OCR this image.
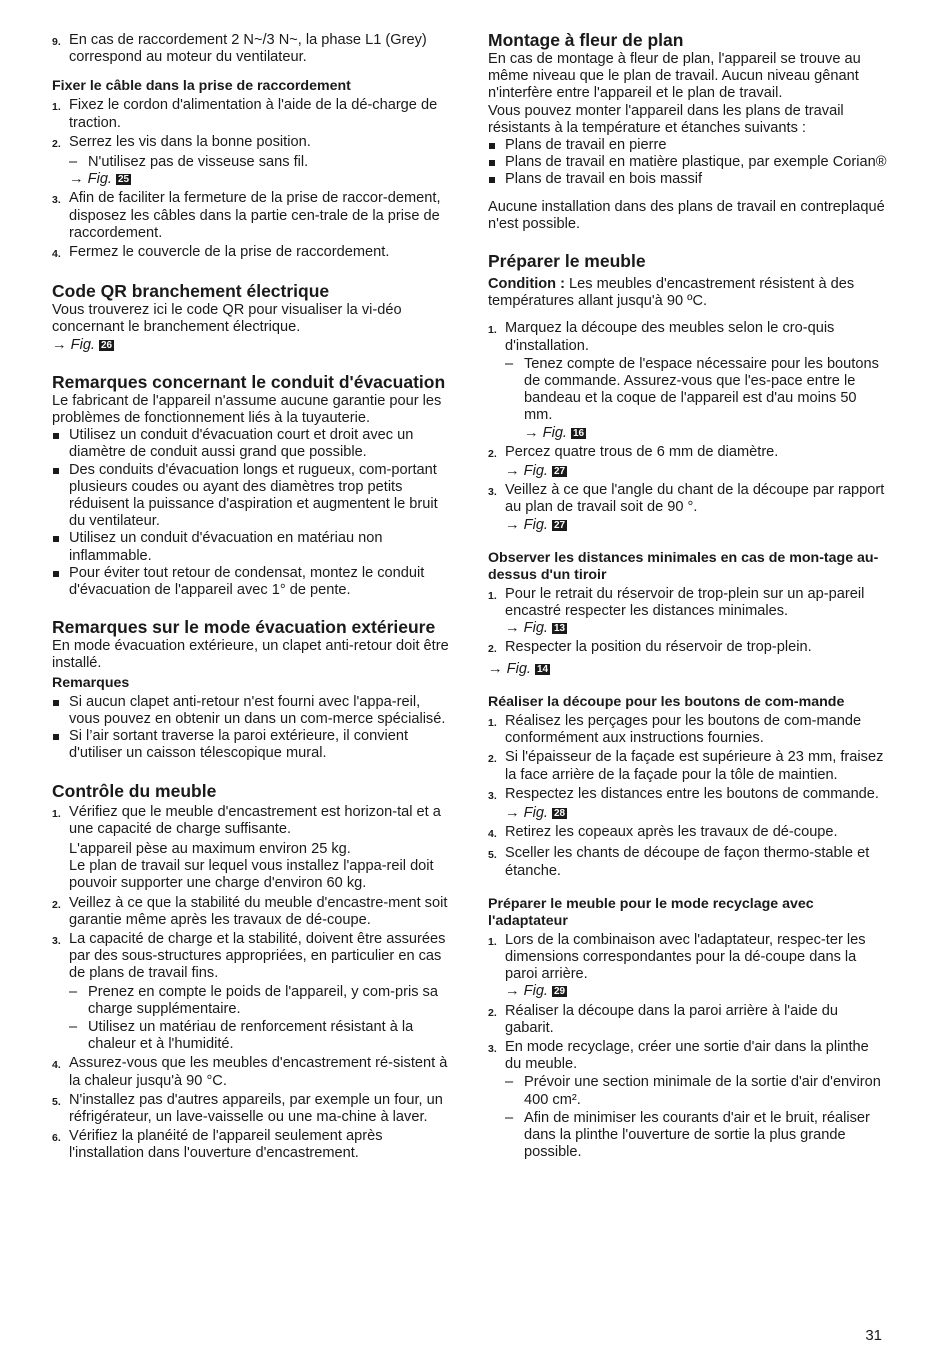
9. En cas de raccordement 2 N~/3 N~, la phase L1 (Grey) correspond au moteur du ventilateur.
Fixer le câble dans la prise de raccordement
1. Fixez le cordon d'alimentation à l'aide de la dé-charge de traction.
2. Serrez les vis dans la bonne position.
– N'utilisez pas de visseuse sans fil.
→ Fig. 25
3. Afin de faciliter la fermeture de la prise de raccor-dement, disposez les câbles dans la partie cen-trale de la prise de raccordement.
4. Fermez le couvercle de la prise de raccordement.
Code QR branchement électrique

Vous trouverez ici le code QR pour visualiser la vi-déo concernant le branchement électrique.

→ Fig. 26
Remarques concernant le conduit d'évacuation

Le fabricant de l'appareil n'assume aucune garantie pour les problèmes de fonctionnement liés à la tuyauterie.

Utilisez un conduit d'évacuation court et droit avec un diamètre de conduit aussi grand que possible.
Des conduits d'évacuation longs et rugueux, com-portant plusieurs coudes ou ayant des diamètres trop petits réduisent la puissance d'aspiration et augmentent le bruit du ventilateur.
Utilisez un conduit d'évacuation en matériau non inflammable.
Pour éviter tout retour de condensat, montez le conduit d'évacuation de l'appareil avec 1° de pente.
Remarques sur le mode évacuation extérieure

En mode évacuation extérieure, un clapet anti-retour doit être installé.

Remarques
Si aucun clapet anti-retour n'est fourni avec l'appa-reil, vous pouvez en obtenir un dans un com-merce spécialisé.
Si l’air sortant traverse la paroi extérieure, il convient d'utiliser un caisson télescopique mural.
Contrôle du meuble
1. Vérifiez que le meuble d'encastrement est horizon-tal et a une capacité de charge suffisante.

L'appareil pèse au maximum environ 25 kg.

Le plan de travail sur lequel vous installez l'appa-reil doit pouvoir supporter une charge d'environ 60 kg.

2. Veillez à ce que la stabilité du meuble d'encastre-ment soit garantie même après les travaux de dé-coupe.
3. La capacité de charge et la stabilité, doivent être assurées par des sous-structures appropriées, en particulier en cas de plans de travail fins.
– Prenez en compte le poids de l'appareil, y com-pris sa charge supplémentaire.
– Utilisez un matériau de renforcement résistant à la chaleur et à l'humidité.
4. Assurez-vous que les meubles d'encastrement ré-sistent à la chaleur jusqu'à 90 °C.
5. N'installez pas d'autres appareils, par exemple un four, un réfrigérateur, un lave-vaisselle ou une ma-chine à laver.
6. Vérifiez la planéité de l'appareil seulement après l'installation dans l'ouverture d'encastrement.
Montage à fleur de plan

En cas de montage à fleur de plan, l'appareil se trouve au même niveau que le plan de travail. Aucun niveau gênant n'interfère entre l'appareil et le plan de travail.

Vous pouvez monter l'appareil dans les plans de travail résistants à la température et étanches suivants :

Plans de travail en pierre
Plans de travail en matière plastique, par exemple Corian®
Plans de travail en bois massif

Aucune installation dans des plans de travail en contreplaqué n'est possible.

Préparer le meuble

Condition : Les meubles d'encastrement résistent à des températures allant jusqu'à 90 ºC.

1. Marquez la découpe des meubles selon le cro-quis d'installation.
– Tenez compte de l'espace nécessaire pour les boutons de commande. Assurez-vous que l'es-pace entre le bandeau et la coque de l'appareil est d'au moins 50 mm.
→ Fig. 16
2. Percez quatre trous de 6 mm de diamètre.
→ Fig. 27
3. Veillez à ce que l'angle du chant de la découpe par rapport au plan de travail soit de 90 °.
→ Fig. 27
Observer les distances minimales en cas de mon-tage au-dessus d'un tiroir
1. Pour le retrait du réservoir de trop-plein sur un ap-pareil encastré respecter les distances minimales.
→ Fig. 13
2. Respecter la position du réservoir de trop-plein.
→ Fig. 14
Réaliser la découpe pour les boutons de com-mande
1. Réalisez les perçages pour les boutons de com-mande conformément aux instructions fournies.
2. Si l'épaisseur de la façade est supérieure à 23 mm, fraisez la face arrière de la façade pour la tôle de maintien.
3. Respectez les distances entre les boutons de commande.
→ Fig. 28
4. Retirez les copeaux après les travaux de dé-coupe.
5. Sceller les chants de découpe de façon thermo-stable et étanche.
Préparer le meuble pour le mode recyclage avec l'adaptateur
1. Lors de la combinaison avec l'adaptateur, respec-ter les dimensions correspondantes pour la dé-coupe dans la paroi arrière.
→ Fig. 29
2. Réaliser la découpe dans la paroi arrière à l'aide du gabarit.
3. En mode recyclage, créer une sortie d'air dans la plinthe du meuble.
– Prévoir une section minimale de la sortie d'air d'environ 400 cm².
– Afin de minimiser les courants d'air et le bruit, réaliser dans la plinthe l'ouverture de sortie la plus grande possible.
31
